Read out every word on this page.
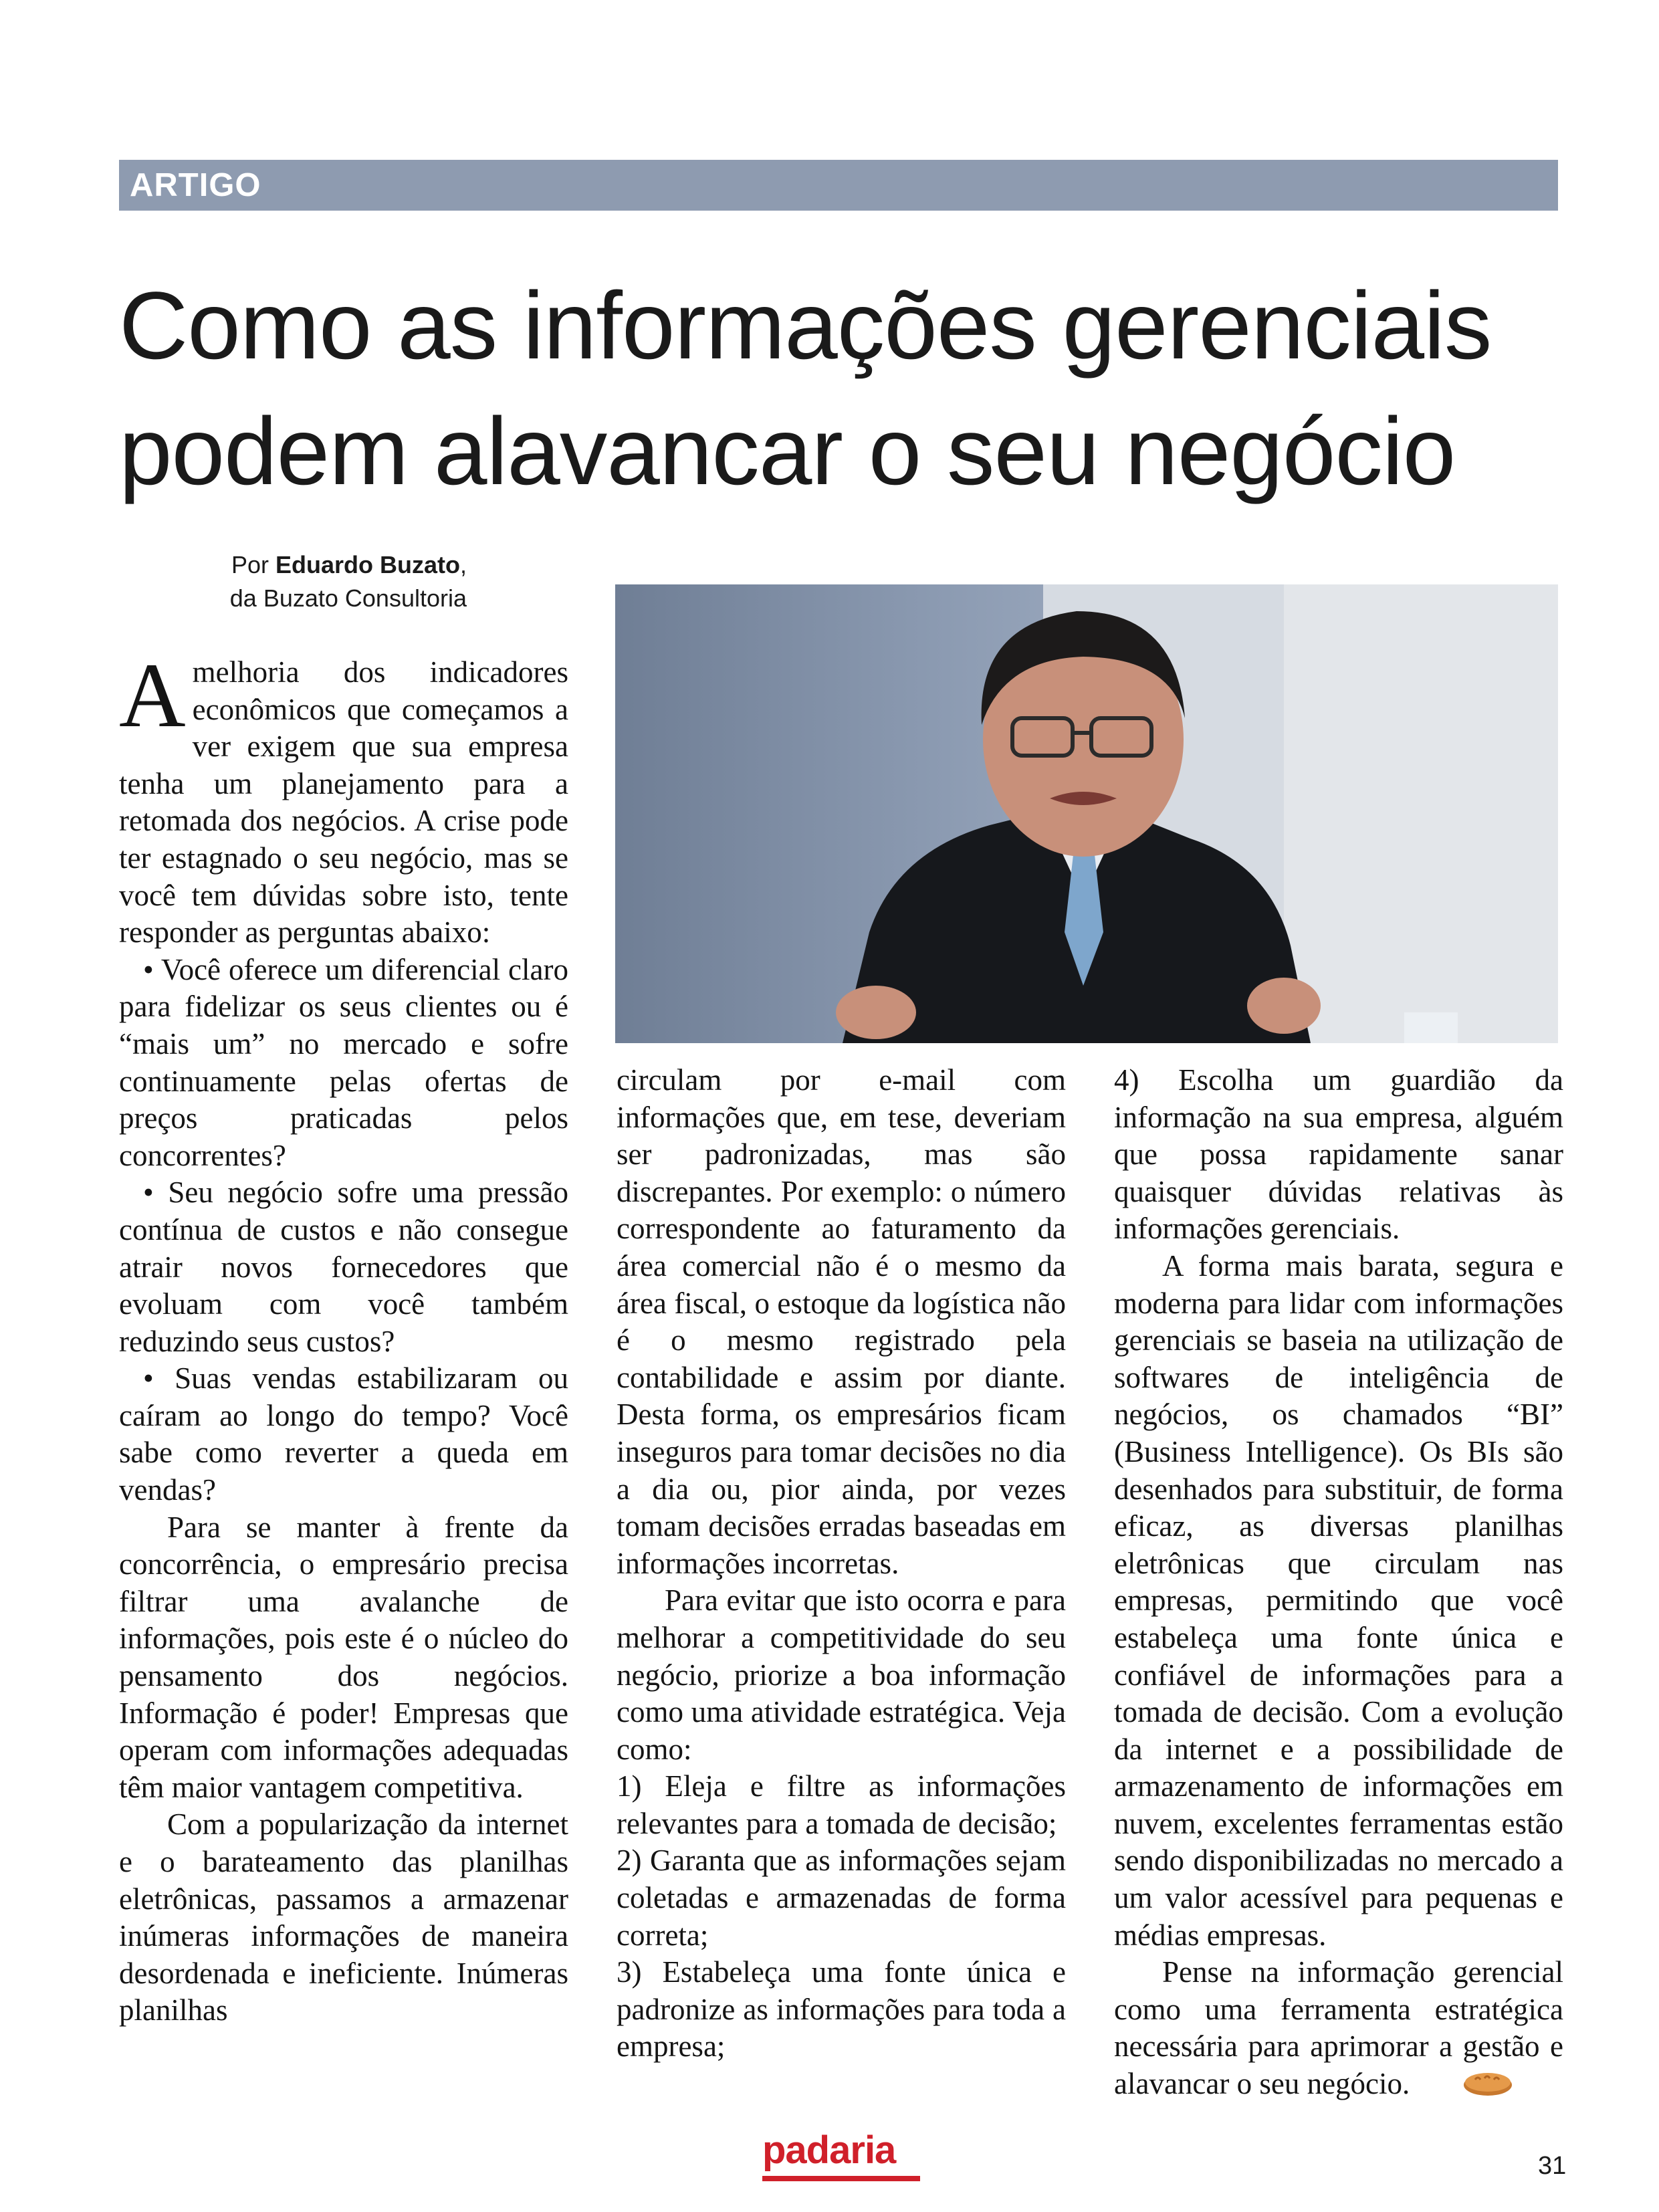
ARTIGO
Como as informações gerenciais
podem alavancar o seu negócio
Por Eduardo Buzato,
da Buzato Consultoria

Amelhoria dos indicadores econômicos que começamos a ver exigem que sua empresa tenha um planejamento para a retomada dos negócios. A crise pode ter estagnado o seu negócio, mas se você tem dúvidas sobre isto, tente responder as perguntas abaixo:

• Você oferece um diferencial claro para fidelizar os seus clientes ou é “mais um” no mercado e sofre continuamente pelas ofertas de preços praticadas pelos concorrentes?

• Seu negócio sofre uma pressão contínua de custos e não consegue atrair novos fornecedores que evoluam com você também reduzindo seus custos?

• Suas vendas estabilizaram ou caíram ao longo do tempo? Você sabe como reverter a queda em vendas?

Para se manter à frente da concorrência, o empresário precisa filtrar uma avalanche de informações, pois este é o núcleo do pensamento dos negócios. Informação é poder! Empresas que operam com informações adequadas têm maior vantagem competitiva.

Com a popularização da internet e o barateamento das planilhas eletrônicas, passamos a armazenar inúmeras informações de maneira desordenada e ineficiente. Inúmeras planilhas

circulam por e-mail com informações que, em tese, deveriam ser padronizadas, mas são discrepantes. Por exemplo: o número correspondente ao faturamento da área comercial não é o mesmo da área fiscal, o estoque da logística não é o mesmo registrado pela contabilidade e assim por diante. Desta forma, os empresários ficam inseguros para tomar decisões no dia a dia ou, pior ainda, por vezes tomam decisões erradas baseadas em informações incorretas.

Para evitar que isto ocorra e para melhorar a competitividade do seu negócio, priorize a boa informação como uma atividade estratégica. Veja como:

1) Eleja e filtre as informações relevantes para a tomada de decisão;

2) Garanta que as informações sejam coletadas e armazenadas de forma correta;

3) Estabeleça uma fonte única e padronize as informações para toda a empresa;

4) Escolha um guardião da informação na sua empresa, alguém que possa rapidamente sanar quaisquer dúvidas relativas às informações gerenciais.

A forma mais barata, segura e moderna para lidar com informações gerenciais se baseia na utilização de softwares de inteligência de negócios, os chamados “BI” (Business Intelligence). Os BIs são desenhados para substituir, de forma eficaz, as diversas planilhas eletrônicas que circulam nas empresas, permitindo que você estabeleça uma fonte única e confiável de informações para a tomada de decisão. Com a evolução da internet e a possibilidade de armazenamento de informações em nuvem, excelentes ferramentas estão sendo disponibilizadas no mercado a um valor acessível para pequenas e médias empresas.

Pense na informação gerencial como uma ferramenta estratégica necessária para aprimorar a gestão e alavancar o seu negócio.

padaria	31
